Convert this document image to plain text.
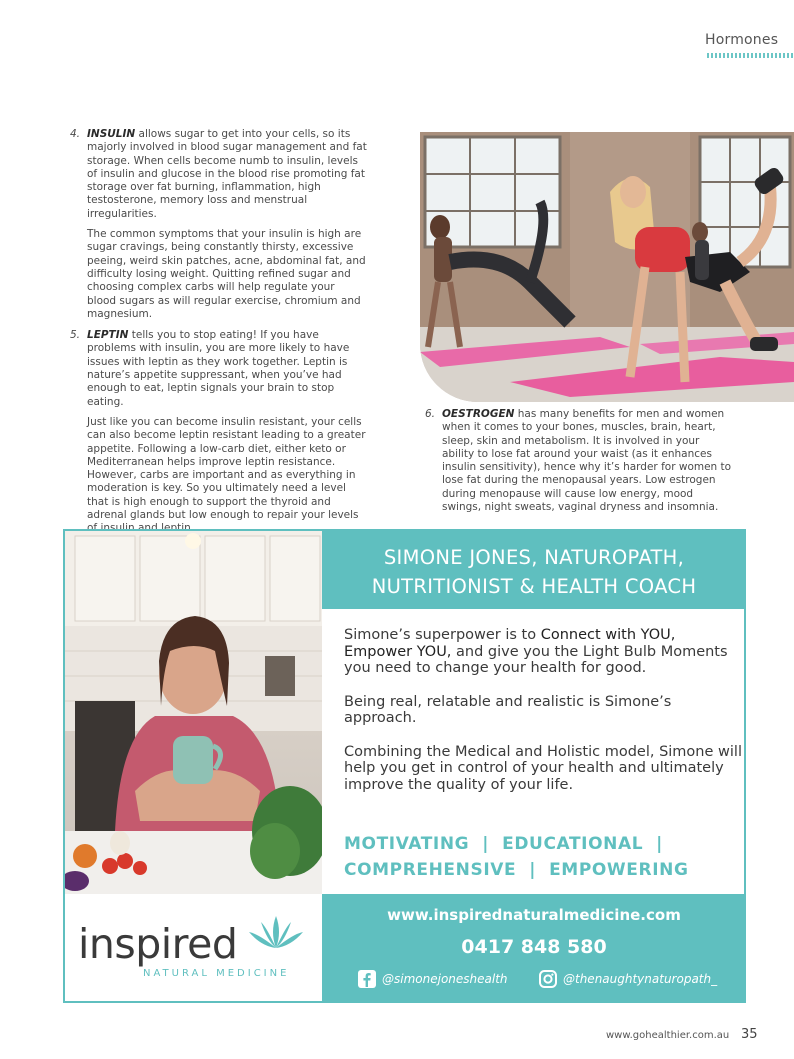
Hormones
4. INSULIN allows sugar to get into your cells, so its majorly involved in blood sugar management and fat storage. When cells become numb to insulin, levels of insulin and glucose in the blood rise promoting fat storage over fat burning, inflammation, high testosterone, memory loss and menstrual irregularities.

The common symptoms that your insulin is high are sugar cravings, being constantly thirsty, excessive peeing, weird skin patches, acne, abdominal fat, and difficulty losing weight. Quitting refined sugar and choosing complex carbs will help regulate your blood sugars as will regular exercise, chromium and magnesium.

5. LEPTIN tells you to stop eating! If you have problems with insulin, you are more likely to have issues with leptin as they work together. Leptin is nature’s appetite suppressant, when you’ve had enough to eat, leptin signals your brain to stop eating.

Just like you can become insulin resistant, your cells can also become leptin resistant leading to a greater appetite. Following a low-carb diet, either keto or Mediterranean helps improve leptin resistance. However, carbs are important and as everything in moderation is key. So you ultimately need a level that is high enough to support the thyroid and adrenal glands but low enough to repair your levels

6. OESTROGEN has many benefits for men and women when it comes to your bones, muscles, brain, heart, sleep, skin and metabolism. It is involved in your ability to lose fat around your waist (as it enhances insulin sensitivity), hence why it’s harder for women to lose fat during the menopausal years. Low estrogen during menopause will cause low energy, mood swings, night sweats, vaginal dryness and insomnia.
SIMONE JONES, NATUROPATH,
NUTRITIONIST & HEALTH COACH

Simone’s superpower is to Connect with YOU, Empower YOU, and give you the Light Bulb Moments you need to change your health for good.

Being real, relatable and realistic is Simone’s approach.

Combining the Medical and Holistic model, Simone will help you get in control of your health and ultimately improve the quality of your life.

MOTIVATING  |  EDUCATIONAL  |
COMPREHENSIVE  |  EMPOWERING
inspired
NATURAL MEDICINE
www.inspirednaturalmedicine.com
0417 848 580
@simonejoneshealth	@thenaughtynaturopath_
www.gohealthier.com.au 35
